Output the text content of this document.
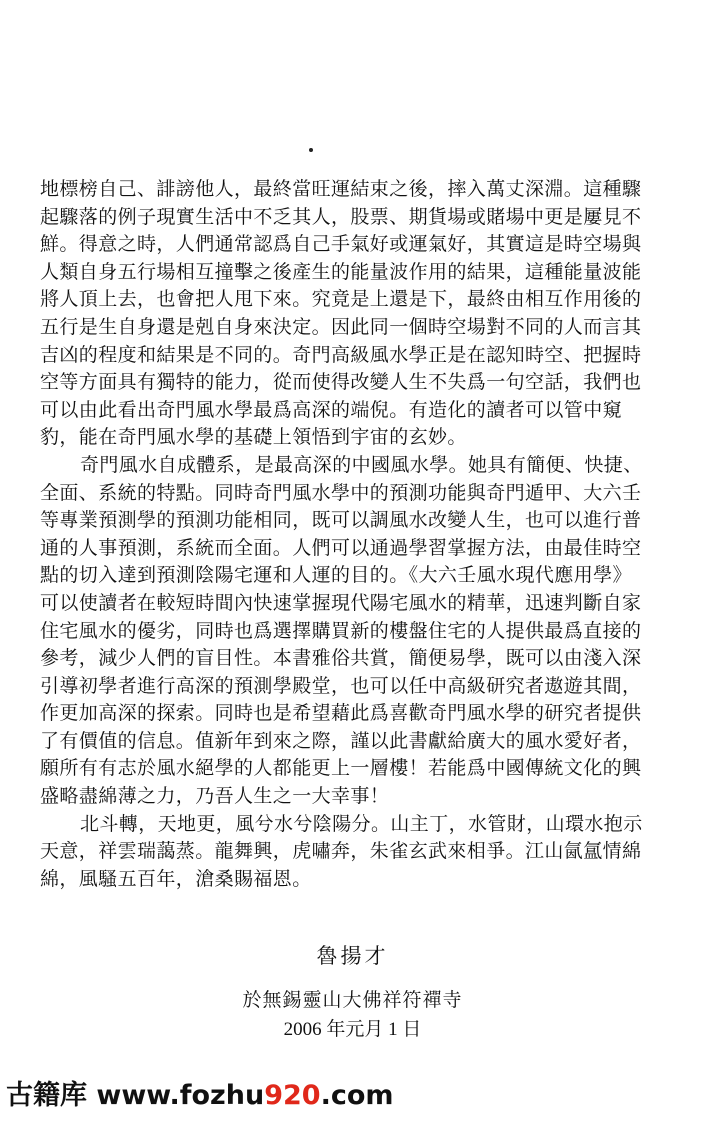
地標榜自己、誹謗他人，最終當旺運結束之後，摔入萬丈深淵。這種驟
起驟落的例子現實生活中不乏其人，股票、期貨場或賭場中更是屢見不
鮮。得意之時，人們通常認爲自己手氣好或運氣好，其實這是時空場與
人類自身五行場相互撞擊之後產生的能量波作用的結果，這種能量波能
將人頂上去，也會把人甩下來。究竟是上還是下，最終由相互作用後的
五行是生自身還是剋自身來決定。因此同一個時空場對不同的人而言其
吉凶的程度和結果是不同的。奇門高級風水學正是在認知時空、把握時
空等方面具有獨特的能力，從而使得改變人生不失爲一句空話，我們也
可以由此看出奇門風水學最爲高深的端倪。有造化的讀者可以管中窺
豹，能在奇門風水學的基礎上領悟到宇宙的玄妙。
奇門風水自成體系，是最高深的中國風水學。她具有簡便、快捷、
全面、系統的特點。同時奇門風水學中的預測功能與奇門遁甲、大六壬
等專業預測學的預測功能相同，既可以調風水改變人生，也可以進行普
通的人事預測，系統而全面。人們可以通過學習掌握方法，由最佳時空
點的切入達到預測陰陽宅運和人運的目的。《大六壬風水現代應用學》
可以使讀者在較短時間內快速掌握現代陽宅風水的精華，迅速判斷自家
住宅風水的優劣，同時也爲選擇購買新的樓盤住宅的人提供最爲直接的
參考，減少人們的盲目性。本書雅俗共賞，簡便易學，既可以由淺入深
引導初學者進行高深的預測學殿堂，也可以任中高級研究者遨遊其間，
作更加高深的探索。同時也是希望藉此爲喜歡奇門風水學的研究者提供
了有價值的信息。值新年到來之際，謹以此書獻給廣大的風水愛好者，
願所有有志於風水絕學的人都能更上一層樓！若能爲中國傳統文化的興
盛略盡綿薄之力，乃吾人生之一大幸事！
北斗轉，天地更，風兮水兮陰陽分。山主丁，水管財，山環水抱示
天意，祥雲瑞藹蒸。龍舞興，虎嘯奔，朱雀玄武來相爭。江山氤氲情綿
綿，風騷五百年，滄桑賜福恩。
魯揚才
於無錫靈山大佛祥符禪寺
2006 年元月 1 日
古籍库 www.fozhu920.com
